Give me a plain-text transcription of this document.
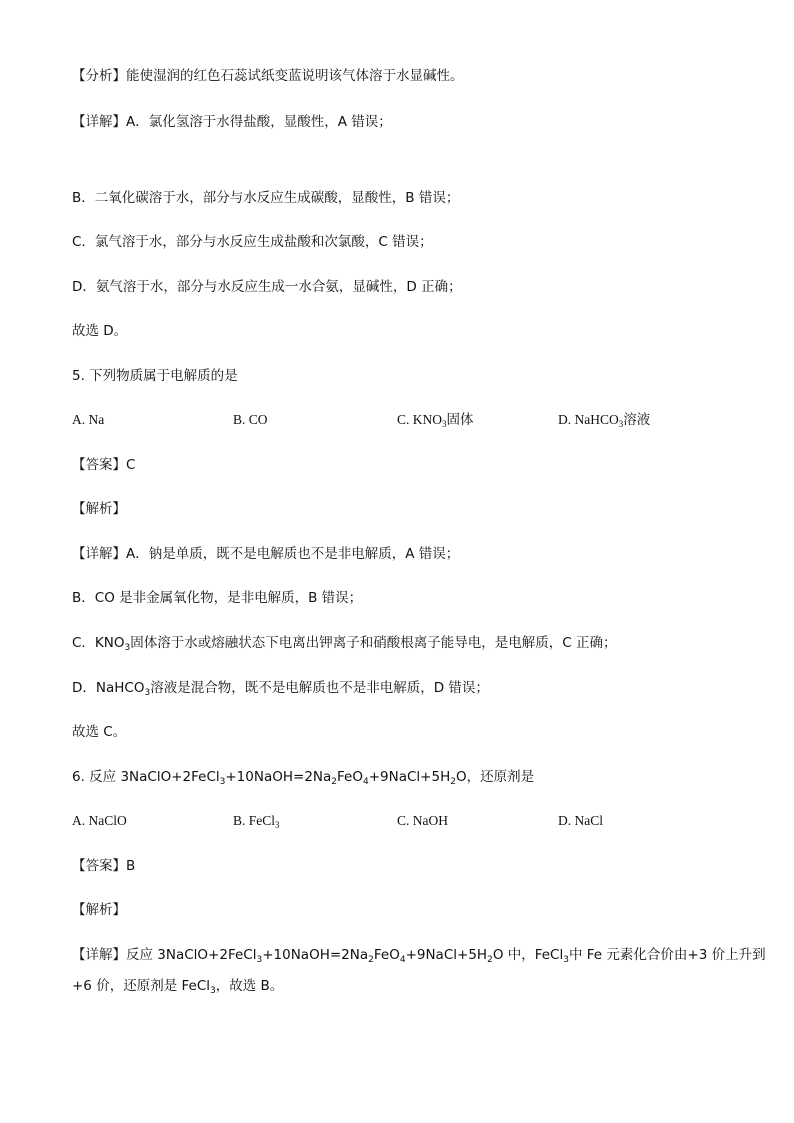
【分析】能使湿润的红色石蕊试纸变蓝说明该气体溶于水显碱性。
【详解】A．氯化氢溶于水得盐酸，显酸性，A 错误；
B．二氧化碳溶于水，部分与水反应生成碳酸，显酸性，B 错误；
C．氯气溶于水，部分与水反应生成盐酸和次氯酸，C 错误；
D．氨气溶于水，部分与水反应生成一水合氨，显碱性，D 正确；
故选 D。
5. 下列物质属于电解质的是
A. Na	B. CO	C. $KNO_3$固体	D. NaHCO$_3$溶液
【答案】C
【解析】
【详解】A．钠是单质，既不是电解质也不是非电解质，A 错误；
B．CO 是非金属氧化物，是非电解质，B 错误；
C．$KNO_3$固体溶于水或熔融状态下电离出钾离子和硝酸根离子能导电，是电解质，C 正确；
D．NaHCO$_3$溶液是混合物，既不是电解质也不是非电解质，D 错误；
故选 C。
6. 反应 $3NaClO+2FeCl_3+10NaOH=2Na_2FeO_4+9NaCl+5H_2O$，还原剂是
A. NaClO	B. FeCl$_3$	C. NaOH	D. NaCl
【答案】B
【解析】
【详解】反应 $3NaClO+2FeCl_3+10NaOH=2Na_2FeO_4+9NaCl+5H_2O$ 中，FeCl$_3$中 Fe 元素化合价由+3 价上升到
+6 价，还原剂是 FeCl$_3$，故选 B。
